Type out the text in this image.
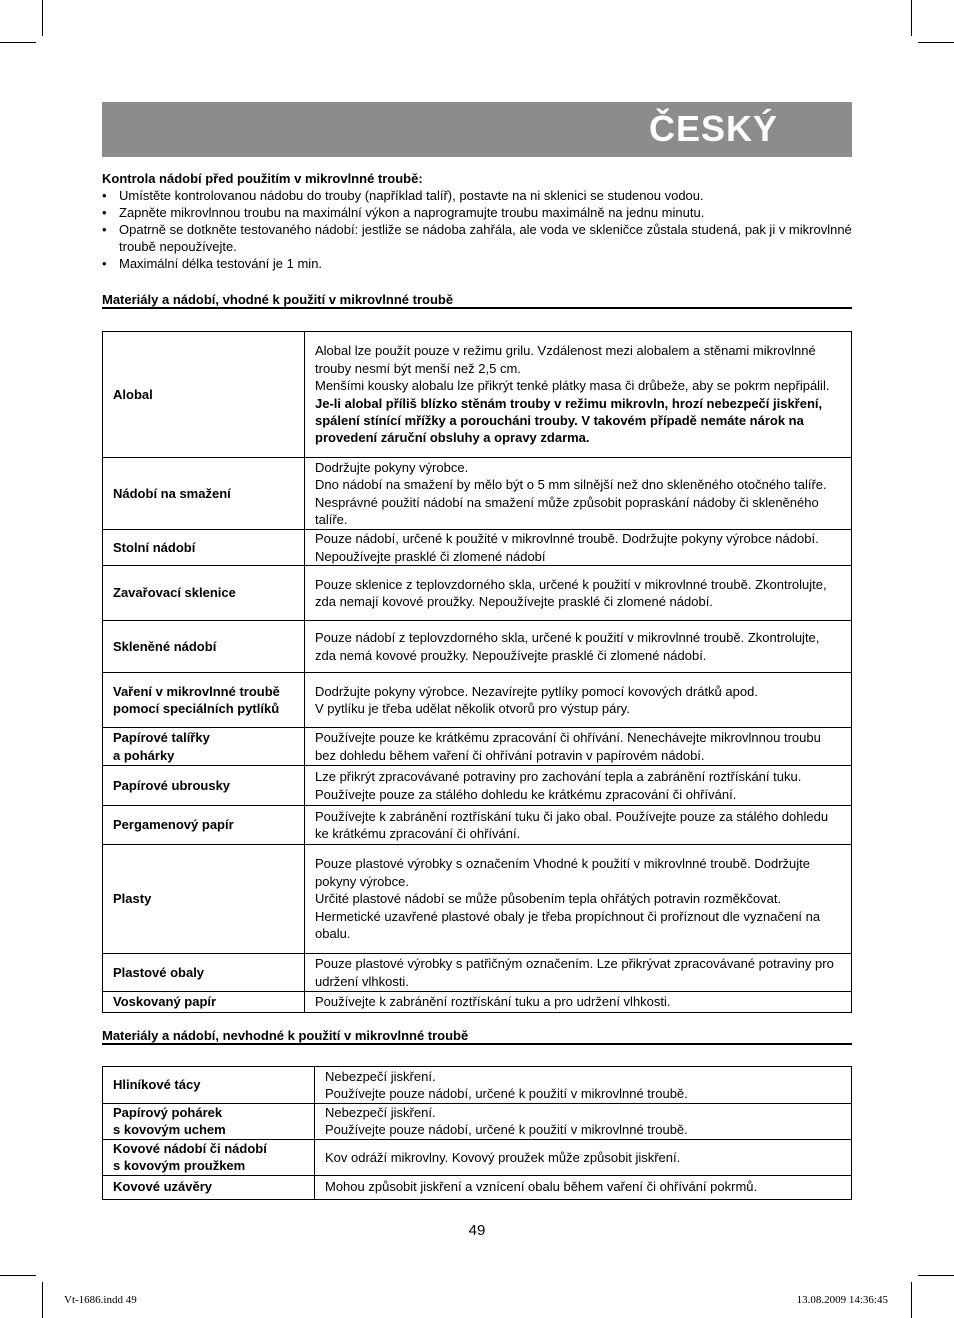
ČESKÝ
Kontrola nádobí před použitím v mikrovlnné troubě:
• Umístěte kontrolovanou nádobu do trouby (například talíř), postavte na ni sklenici se studenou vodou.
• Zapněte mikrovlnnou troubu na maximální výkon a naprogramujte troubu maximálně na jednu minutu.
• Opatrně se dotkněte testovaného nádobí: jestliže se nádoba zahřála, ale voda ve skleničce zůstala studená, pak ji v mikrovlnné troubě nepoužívejte.
• Maximální délka testování je 1 min.
Materiály a nádobí, vhodné k použití v mikrovlnné troubě
Alobal	Alobal lze použít pouze v režimu grilu. Vzdálenost mezi alobalem a stěnami mikrovlnné trouby nesmí být menší než 2,5 cm.
Menšími kousky alobalu lze přikrýt tenké plátky masa či drůbeže, aby se pokrm nepřipálil.
Je-li alobal příliš blízko stěnám trouby v režimu mikrovln, hrozí nebezpečí jiskření, spálení stínící mřížky a poroucháni trouby. V takovém případě nemáte nárok na provedení záruční obsluhy a opravy zdarma.
Nádobí na smažení	Dodržujte pokyny výrobce.
Dno nádobí na smažení by mělo být o 5 mm silnější než dno skleněného otočného talíře. Nesprávné použití nádobí na smažení může způsobit popraskání nádoby či skleněného talíře.
Stolní nádobí	Pouze nádobí, určené k použité v mikrovlnné troubě. Dodržujte pokyny výrobce nádobí. Nepoužívejte prasklé či zlomené nádobí
Zavařovací sklenice	Pouze sklenice z teplovzdorného skla, určené k použití v mikrovlnné troubě. Zkontrolujte, zda nemají kovové proužky. Nepoužívejte prasklé či zlomené nádobí.
Skleněné nádobí	Pouze nádobí z teplovzdorného skla, určené k použití v mikrovlnné troubě. Zkontrolujte, zda nemá kovové proužky. Nepoužívejte prasklé či zlomené nádobí.
Vaření v mikrovlnné troubě pomocí speciálních pytlíků	Dodržujte pokyny výrobce. Nezavírejte pytlíky pomocí kovových drátků apod.
V pytlíku je třeba udělat několik otvorů pro výstup páry.
Papírové talířky
a pohárky	Používejte pouze ke krátkému zpracování či ohřívání. Nenechávejte mikrovlnnou troubu bez dohledu během vaření či ohřívání potravin v papírovém nádobí.
Papírové ubrousky	Lze přikrýt zpracovávané potraviny pro zachování tepla a zabránění roztřískání tuku. Používejte pouze za stálého dohledu ke krátkému zpracování či ohřívání.
Pergamenový papír	Používejte k zabránění roztřískání tuku či jako obal. Používejte pouze za stálého dohledu ke krátkému zpracování či ohřívání.
Plasty	Pouze plastové výrobky s označením Vhodné k použití v mikrovlnné troubě. Dodržujte pokyny výrobce.
Určité plastové nádobí se může působením tepla ohřátých potravin rozměkčovat.
Hermetické uzavřené plastové obaly je třeba propíchnout či proříznout dle vyznačení na obalu.
Plastové obaly	Pouze plastové výrobky s patřičným označením. Lze přikrývat zpracovávané potraviny pro udržení vlhkosti.
Voskovaný papír	Používejte k zabránění roztřískání tuku a pro udržení vlhkosti.
Materiály a nádobí, nevhodné k použití v mikrovlnné troubě
Hliníkové tácy	Nebezpečí jiskření.
Používejte pouze nádobí, určené k použití v mikrovlnné troubě.
Papírový pohárek
s kovovým uchem	Nebezpečí jiskření.
Používejte pouze nádobí, určené k použití v mikrovlnné troubě.
Kovové nádobí či nádobí
s kovovým proužkem	Kov odráží mikrovlny. Kovový proužek může způsobit jiskření.
Kovové uzávěry	Mohou způsobit jiskření a vznícení obalu během vaření či ohřívání pokrmů.
49
Vt-1686.indd 49	13.08.2009 14:36:45
